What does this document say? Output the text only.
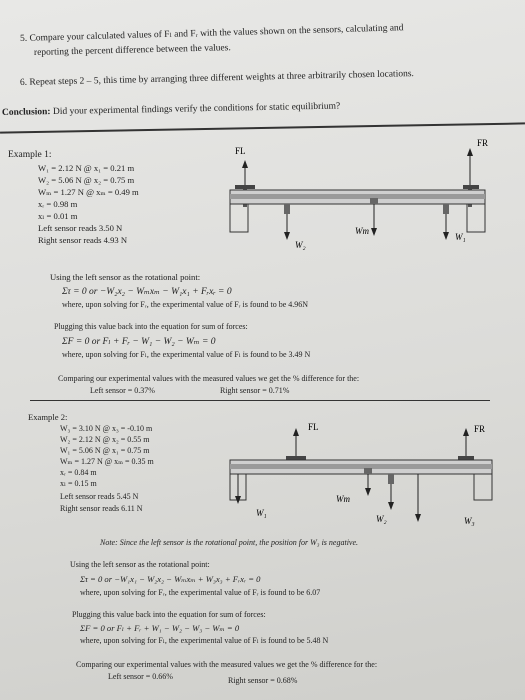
5. Compare your calculated values of Fₗ and Fᵣ with the values shown on the sensors, calculating and
reporting the percent difference between the values.
6. Repeat steps 2 – 5, this time by arranging three different weights at three arbitrarily chosen locations.
Conclusion: Did your experimental findings verify the conditions for static equilibrium?
Example 1:
W₁ = 2.12 N @ x₁ = 0.21 m
W₂ = 5.06 N @ x₂ = 0.75 m
Wₘ = 1.27 N @ xₘ = 0.49 m
xᵣ = 0.98 m
xₗ = 0.01 m
Left sensor reads 3.50 N
Right sensor reads 4.93 N
FL
FR
W₂
Wm
W₁
Using the left sensor as the rotational point:
Στ = 0 or −W₂x₂ − Wₘxₘ − W₁x₁ + Fᵣxᵣ = 0
where, upon solving for Fᵣ, the experimental value of Fᵣ is found to be 4.96N
Plugging this value back into the equation for sum of forces:
ΣF = 0 or Fₗ + Fᵣ − W₁ − W₂ − Wₘ = 0
where, upon solving for Fₗ, the experimental value of Fₗ is found to be 3.49 N
Comparing our experimental values with the measured values we get the % difference for the:
Left sensor = 0.37%	Right sensor = 0.71%
Example 2:
W₃ = 3.10 N @ x₃ = -0.10 m
W₂ = 2.12 N @ x₂ = 0.55 m
W₁ = 5.06 N @ x₁ = 0.75 m
Wₘ = 1.27 N @ xₘ = 0.35 m
xᵣ = 0.84 m
xₗ = 0.15 m
Left sensor reads 5.45 N
Right sensor reads 6.11 N
FL	FR
Wm
W₁
W₂	W₃
Note: Since the left sensor is the rotational point, the position for W₃ is negative.
Using the left sensor as the rotational point:
Στ = 0 or −W₁x₁ − W₂x₂ − Wₘxₘ + W₃x₃ + Fᵣxᵣ = 0
where, upon solving for Fᵣ, the experimental value of Fᵣ is found to be 6.07
Plugging this value back into the equation for sum of forces:
ΣF = 0 or Fₗ + Fᵣ + W₁ − W₂ − W₃ − Wₘ = 0
where, upon solving for Fₗ, the experimental value of Fₗ is found to be 5.48 N
Comparing our experimental values with the measured values we get the % difference for the:
Left sensor = 0.66%	Right sensor = 0.68%
